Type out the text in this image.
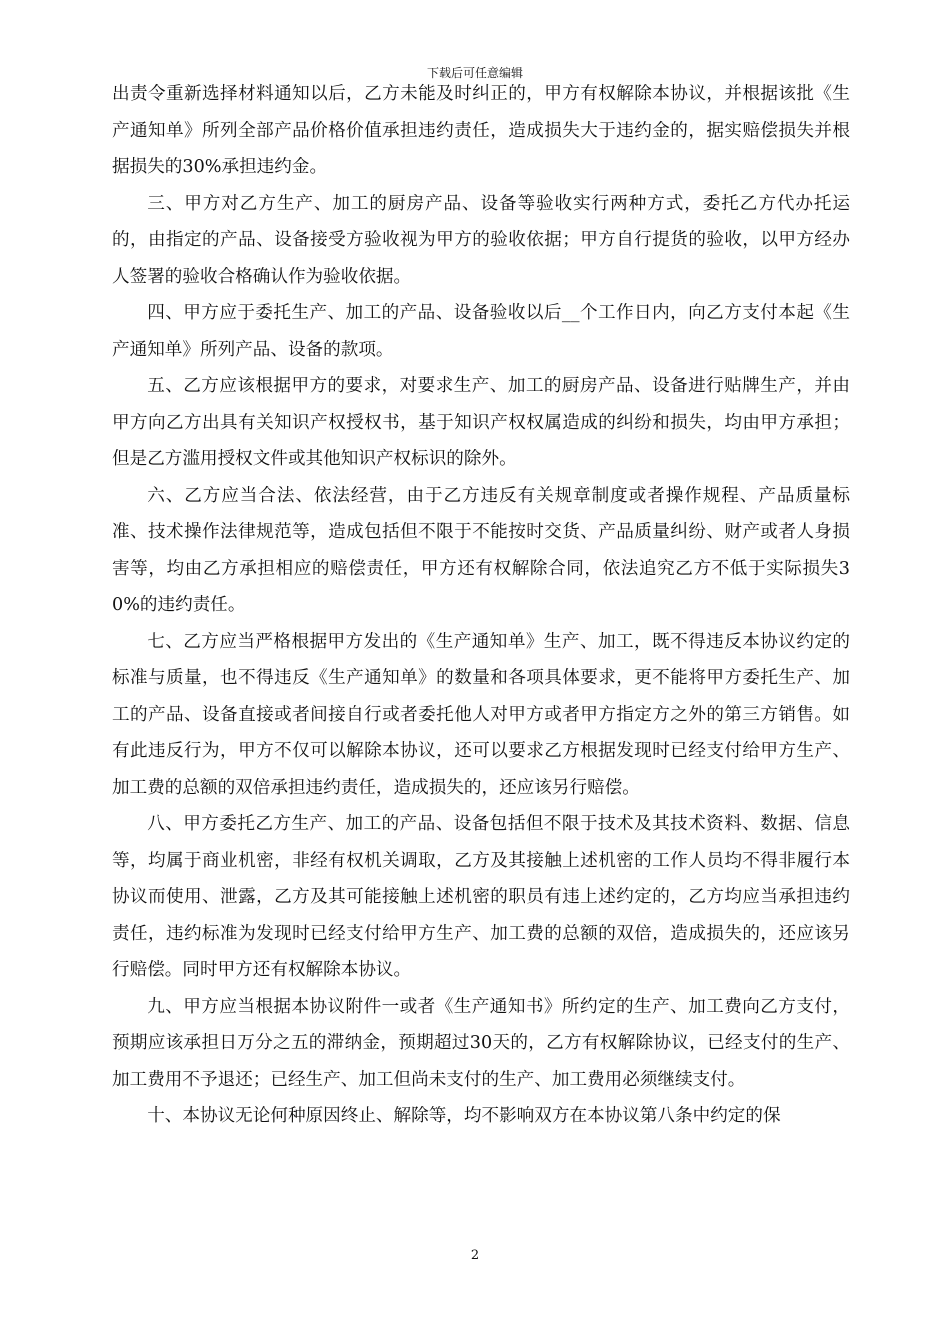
下载后可任意编辑

出责令重新选择材料通知以后，乙方未能及时纠正的，甲方有权解除本协议，并根据该批《生产通知单》所列全部产品价格价值承担违约责任，造成损失大于违约金的，据实赔偿损失并根据损失的30%承担违约金。

三、甲方对乙方生产、加工的厨房产品、设备等验收实行两种方式，委托乙方代办托运的，由指定的产品、设备接受方验收视为甲方的验收依据；甲方自行提货的验收，以甲方经办人签署的验收合格确认作为验收依据。

四、甲方应于委托生产、加工的产品、设备验收以后__个工作日内，向乙方支付本起《生产通知单》所列产品、设备的款项。

五、乙方应该根据甲方的要求，对要求生产、加工的厨房产品、设备进行贴牌生产，并由甲方向乙方出具有关知识产权授权书，基于知识产权权属造成的纠纷和损失，均由甲方承担；但是乙方滥用授权文件或其他知识产权标识的除外。

六、乙方应当合法、依法经营，由于乙方违反有关规章制度或者操作规程、产品质量标准、技术操作法律规范等，造成包括但不限于不能按时交货、产品质量纠纷、财产或者人身损害等，均由乙方承担相应的赔偿责任，甲方还有权解除合同，依法追究乙方不低于实际损失30%的违约责任。

七、乙方应当严格根据甲方发出的《生产通知单》生产、加工，既不得违反本协议约定的标准与质量，也不得违反《生产通知单》的数量和各项具体要求，更不能将甲方委托生产、加工的产品、设备直接或者间接自行或者委托他人对甲方或者甲方指定方之外的第三方销售。如有此违反行为，甲方不仅可以解除本协议，还可以要求乙方根据发现时已经支付给甲方生产、加工费的总额的双倍承担违约责任，造成损失的，还应该另行赔偿。

八、甲方委托乙方生产、加工的产品、设备包括但不限于技术及其技术资料、数据、信息等，均属于商业机密，非经有权机关调取，乙方及其接触上述机密的工作人员均不得非履行本协议而使用、泄露，乙方及其可能接触上述机密的职员有违上述约定的，乙方均应当承担违约责任，违约标准为发现时已经支付给甲方生产、加工费的总额的双倍，造成损失的，还应该另行赔偿。同时甲方还有权解除本协议。

九、甲方应当根据本协议附件一或者《生产通知书》所约定的生产、加工费向乙方支付，预期应该承担日万分之五的滞纳金，预期超过30天的，乙方有权解除协议，已经支付的生产、加工费用不予退还；已经生产、加工但尚未支付的生产、加工费用必须继续支付。

十、本协议无论何种原因终止、解除等，均不影响双方在本协议第八条中约定的保

2
